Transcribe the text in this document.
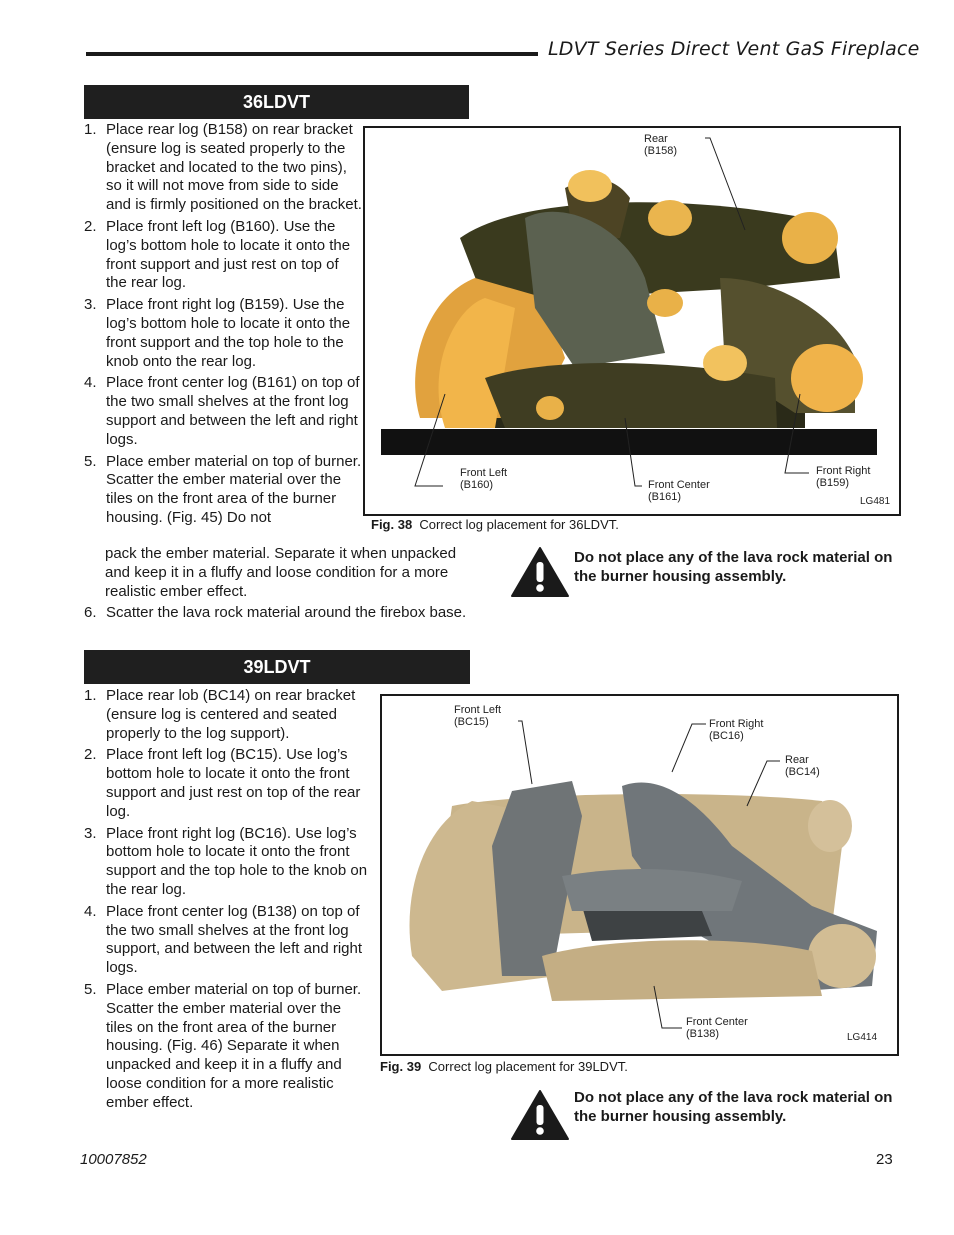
LDVT Series Direct Vent GaS Fireplace
36LDVT
1. Place rear log (B158) on rear bracket (ensure log is seated properly to the bracket and located to the two pins), so it will not move from side to side and is firmly positioned on the bracket.
2. Place front left log (B160). Use the log’s bottom hole to locate it onto the front support and just rest on top of the rear log.
3. Place front right log (B159). Use the log’s bottom hole to locate it onto the front support and the top hole to the knob onto the rear log.
4. Place front center log (B161) on top of the two small shelves at the front log support and between the left and right logs.
5. Place ember material on top of burner. Scatter the ember material over the tiles on the front area of the burner housing. (Fig. 45) Do not
pack the ember material. Separate it when unpacked and keep it in a fluffy and loose condition for a more realistic ember effect.
6. Scatter the lava rock material around the firebox base.
Rear
(B158)
Front Left
(B160)	Front Center
(B161)
Front Right
(B159)
LG481
Fig. 38 Correct log placement for 36LDVT.
Do not place any of the lava rock material on the burner housing assembly.
39LDVT
1. Place rear lob (BC14) on rear bracket (ensure log is centered and seated properly to the log support).
2. Place front left log (BC15). Use log’s bottom hole to locate it onto the front support and just rest on top of the rear log.
3. Place front right log (BC16). Use log’s bottom hole to locate it onto the front support and the top hole to the knob on the rear log.
4. Place front center log (B138) on top of the two small shelves at the front log support, and between the left and right logs.
5. Place ember material on top of burner. Scatter the ember material over the tiles on the front area of the burner housing. (Fig. 46) Separate it when unpacked and keep it in a fluffy and loose condition for a more realistic ember effect.
Front Left
(BC15)	Front Right
(BC16)
Rear
(BC14)
Front Center
(B138)	LG414
Fig. 39 Correct log placement for 39LDVT.
Do not place any of the lava rock material on the burner housing assembly.
10007852	23
